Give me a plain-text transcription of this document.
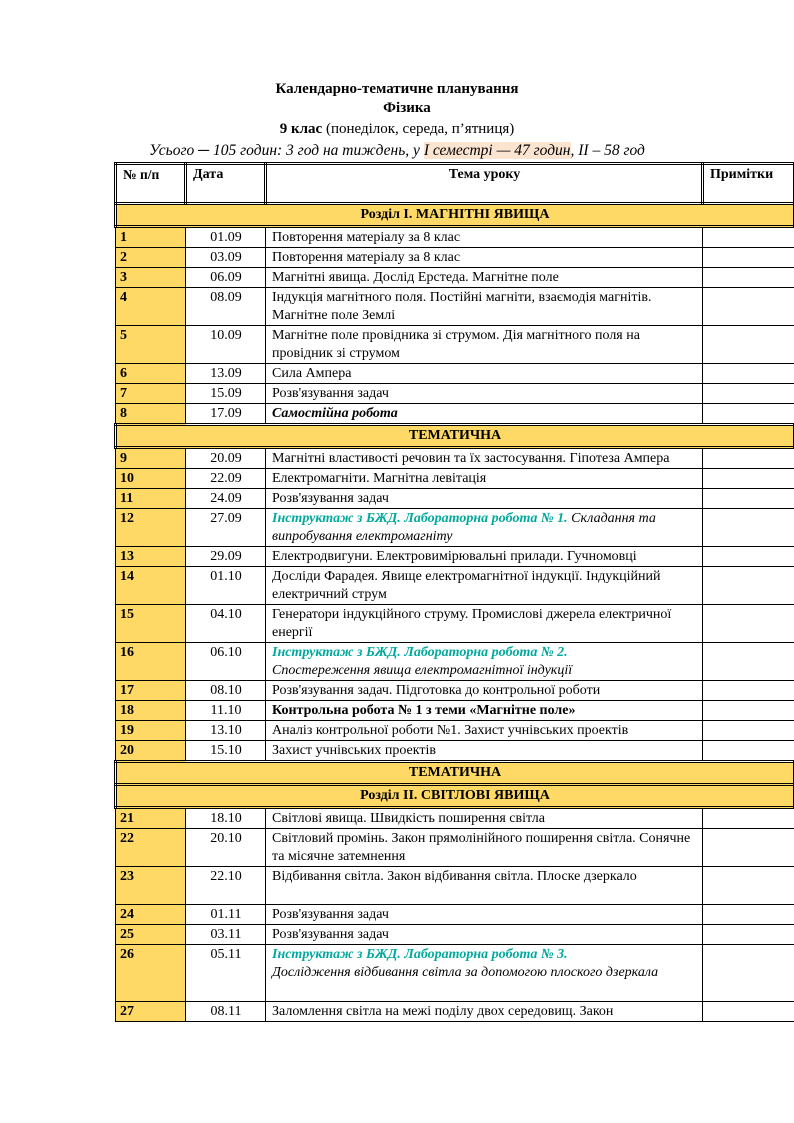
Календарно-тематичне планування
Фізика
9 клас (понеділок, середа, п’ятниця)
Усього ─ 105 годин: 3 год на тиждень, у І семестрі — 47 годин, ІІ – 58 год
№ п/п	Дата	Тема уроку	Примітки
Розділ І. МАГНІТНІ ЯВИЩА			
1	01.09	Повторення матеріалу за 8 клас	
2	03.09	Повторення матеріалу за 8 клас	
3	06.09	Магнітні явища. Дослід Ерстеда. Магнітне поле	
4	08.09	Індукція магнітного поля. Постійні магніти, взаємодія магнітів. Магнітне поле Землі	
5	10.09	Магнітне поле провідника зі струмом. Дія магнітного поля на провідник зі струмом	
6	13.09	Сила Ампера	
7	15.09	Розв'язування задач	
8	17.09	Самостійна робота	
ТЕМАТИЧНА			
9	20.09	Магнітні властивості речовин та їх застосування. Гіпотеза Ампера	
10	22.09	Електромагніти. Магнітна левітація	
11	24.09	Розв'язування задач	
12	27.09	Інструктаж з БЖД. Лабораторна робота № 1. Складання та випробування електромагніту	
13	29.09	Електродвигуни. Електровимірювальні прилади. Гучномовці	
14	01.10	Досліди Фарадея. Явище електромагнітної індукції. Індукційний електричний струм	
15	04.10	Генератори індукційного струму. Промислові джерела електричної енергії	
16	06.10	Інструктаж з БЖД. Лабораторна робота № 2.
Спостереження явища електромагнітної індукції	
17	08.10	Розв'язування задач. Підготовка до контрольної роботи	
18	11.10	Контрольна робота № 1 з теми «Магнітне поле»	
19	13.10	Аналіз контрольної роботи №1. Захист учнівських проектів	
20	15.10	Захист учнівських проектів	
ТЕМАТИЧНА			
Розділ ІІ. СВІТЛОВІ ЯВИЩА			
21	18.10	Світлові явища. Швидкість поширення світла	
22	20.10	Світловий промінь. Закон прямолінійного поширення світла. Сонячне та місячне затемнення	
23	22.10	Відбивання світла. Закон відбивання світла. Плоске дзеркало	
24	01.11	Розв'язування задач	
25	03.11	Розв'язування задач	
26	05.11	Інструктаж з БЖД. Лабораторна робота № 3.
Дослідження відбивання світла за допомогою плоского дзеркала	
27	08.11	Заломлення світла на межі поділу двох середовищ. Закон	
